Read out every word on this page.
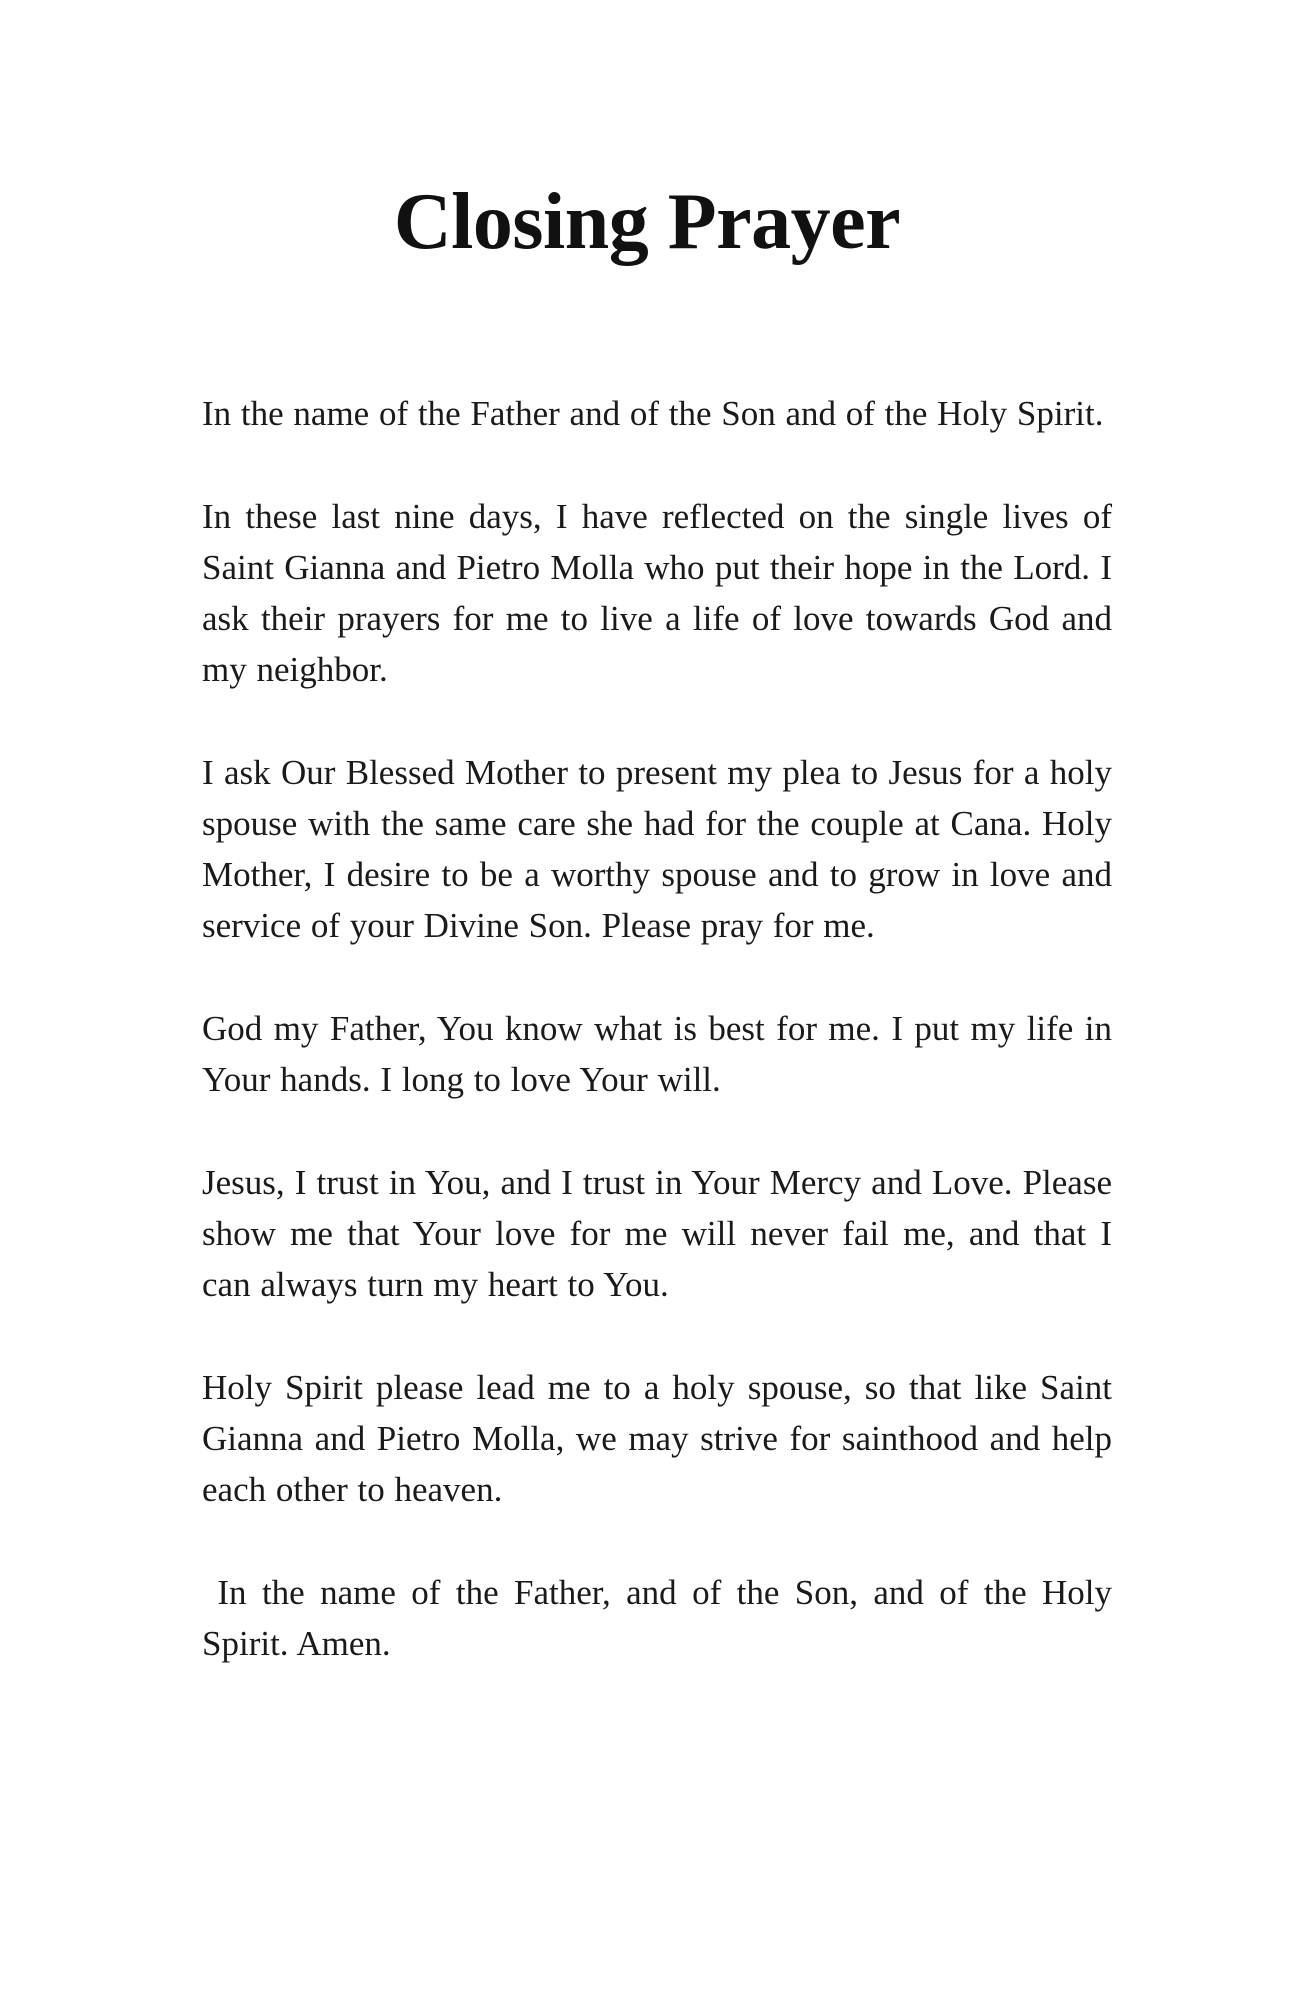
Closing Prayer

In the name of the Father and of the Son and of the Holy Spirit.

In these last nine days, I have reflected on the single lives of Saint Gianna and Pietro Molla who put their hope in the Lord. I ask their prayers for me to live a life of love towards God and my neighbor.

I ask Our Blessed Mother to present my plea to Jesus for a holy spouse with the same care she had for the couple at Cana. Holy Mother, I desire to be a worthy spouse and to grow in love and service of your Divine Son. Please pray for me.

God my Father, You know what is best for me. I put my life in Your hands. I long to love Your will.

Jesus, I trust in You, and I trust in Your Mercy and Love. Please show me that Your love for me will never fail me, and that I can always turn my heart to You.

Holy Spirit please lead me to a holy spouse, so that like Saint Gianna and Pietro Molla, we may strive for sainthood and help each other to heaven.

In the name of the Father, and of the Son, and of the Holy Spirit. Amen.
